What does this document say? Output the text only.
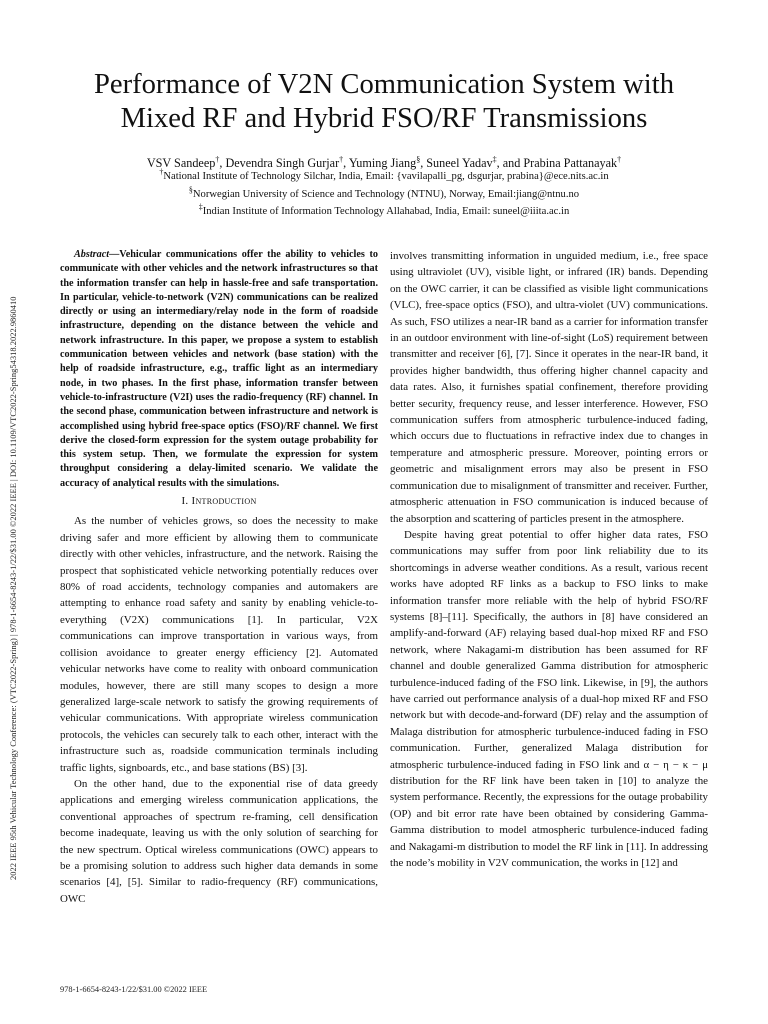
2022 IEEE 95th Vehicular Technology Conference: (VTC2022-Spring) | 978-1-6654-8243-1/22/$31.00 ©2022 IEEE | DOI: 10.1109/VTC2022-Spring54318.2022.9860410
Performance of V2N Communication System with
Mixed RF and Hybrid FSO/RF Transmissions
VSV Sandeep†, Devendra Singh Gurjar†, Yuming Jiang§, Suneel Yadav‡, and Prabina Pattanayak†
†National Institute of Technology Silchar, India, Email: {vavilapalli_pg, dsgurjar, prabina}@ece.nits.ac.in
§Norwegian University of Science and Technology (NTNU), Norway, Email:jiang@ntnu.no
‡Indian Institute of Information Technology Allahabad, India, Email: suneel@iiita.ac.in

Abstract—Vehicular communications offer the ability to vehicles to communicate with other vehicles and the network infrastructures so that the information transfer can help in hassle-free and safe transportation. In particular, vehicle-to-network (V2N) communications can be realized directly or using an intermediary/relay node in the form of roadside infrastructure, depending on the distance between the vehicle and network infrastructure. In this paper, we propose a system to establish communication between vehicles and network (base station) with the help of roadside infrastructure, e.g., traffic light as an intermediary node, in two phases. In the first phase, information transfer between vehicle-to-infrastructure (V2I) uses the radio-frequency (RF) channel. In the second phase, communication between infrastructure and network is accomplished using hybrid free-space optics (FSO)/RF channel. We first derive the closed-form expression for the system outage probability for this system setup. Then, we formulate the expression for system throughput considering a delay-limited scenario. We validate the accuracy of analytical results with the simulations.

I. Introduction

As the number of vehicles grows, so does the necessity to make driving safer and more efficient by allowing them to communicate directly with other vehicles, infrastructure, and the network. Raising the prospect that sophisticated vehicle networking potentially reduces over 80% of road accidents, technology companies and automakers are attempting to enhance road safety and sanity by enabling vehicle-to-everything (V2X) communications [1]. In particular, V2X communications can improve transportation in various ways, from collision avoidance to greater energy efficiency [2]. Automated vehicular networks have come to reality with onboard communication modules, however, there are still many scopes to design a more generalized large-scale network to satisfy the growing requirements of vehicular communications. With appropriate wireless communication protocols, the vehicles can securely talk to each other, interact with the infrastructure such as, roadside communication terminals including traffic lights, signboards, etc., and base stations (BS) [3].

On the other hand, due to the exponential rise of data greedy applications and emerging wireless communication applications, the conventional approaches of spectrum re-framing, cell densification become inadequate, leaving us with the only solution of searching for the new spectrum. Optical wireless communications (OWC) appears to be a promising solution to address such higher data demands in some scenarios [4], [5]. Similar to radio-frequency (RF) communications, OWC

involves transmitting information in unguided medium, i.e., free space using ultraviolet (UV), visible light, or infrared (IR) bands. Depending on the OWC carrier, it can be classified as visible light communications (VLC), free-space optics (FSO), and ultra-violet (UV) communications. As such, FSO utilizes a near-IR band as a carrier for information transfer in an outdoor environment with line-of-sight (LoS) requirement between transmitter and receiver [6], [7]. Since it operates in the near-IR band, it provides higher bandwidth, thus offering higher channel capacity and data rates. Also, it furnishes spatial confinement, therefore providing better security, frequency reuse, and lesser interference. However, FSO communication suffers from atmospheric turbulence-induced fading, which occurs due to fluctuations in refractive index due to changes in temperature and atmospheric pressure. Moreover, pointing errors or geometric and misalignment errors may also be present in FSO communication due to misalignment of transmitter and receiver. Further, atmospheric attenuation in FSO communication is induced because of the absorption and scattering of particles present in the atmosphere.

Despite having great potential to offer higher data rates, FSO communications may suffer from poor link reliability due to its shortcomings in adverse weather conditions. As a result, various recent works have adopted RF links as a backup to FSO links to make information transfer more reliable with the help of hybrid FSO/RF systems [8]–[11]. Specifically, the authors in [8] have considered an amplify-and-forward (AF) relaying based dual-hop mixed RF and FSO network, where Nakagami-m distribution has been assumed for RF channel and double generalized Gamma distribution for atmospheric turbulence-induced fading of the FSO link. Likewise, in [9], the authors have carried out performance analysis of a dual-hop mixed RF and FSO network but with decode-and-forward (DF) relay and the assumption of Malaga distribution for atmospheric turbulence-induced fading in FSO communication. Further, generalized Malaga distribution for atmospheric turbulence-induced fading in FSO link and α − η − κ − μ distribution for the RF link have been taken in [10] to analyze the system performance. Recently, the expressions for the outage probability (OP) and bit error rate have been obtained by considering Gamma-Gamma distribution to model atmospheric turbulence-induced fading and Nakagami-m distribution to model the RF link in [11]. In addressing the node’s mobility in V2V communication, the works in [12] and

978-1-6654-8243-1/22/$31.00 ©2022 IEEE
